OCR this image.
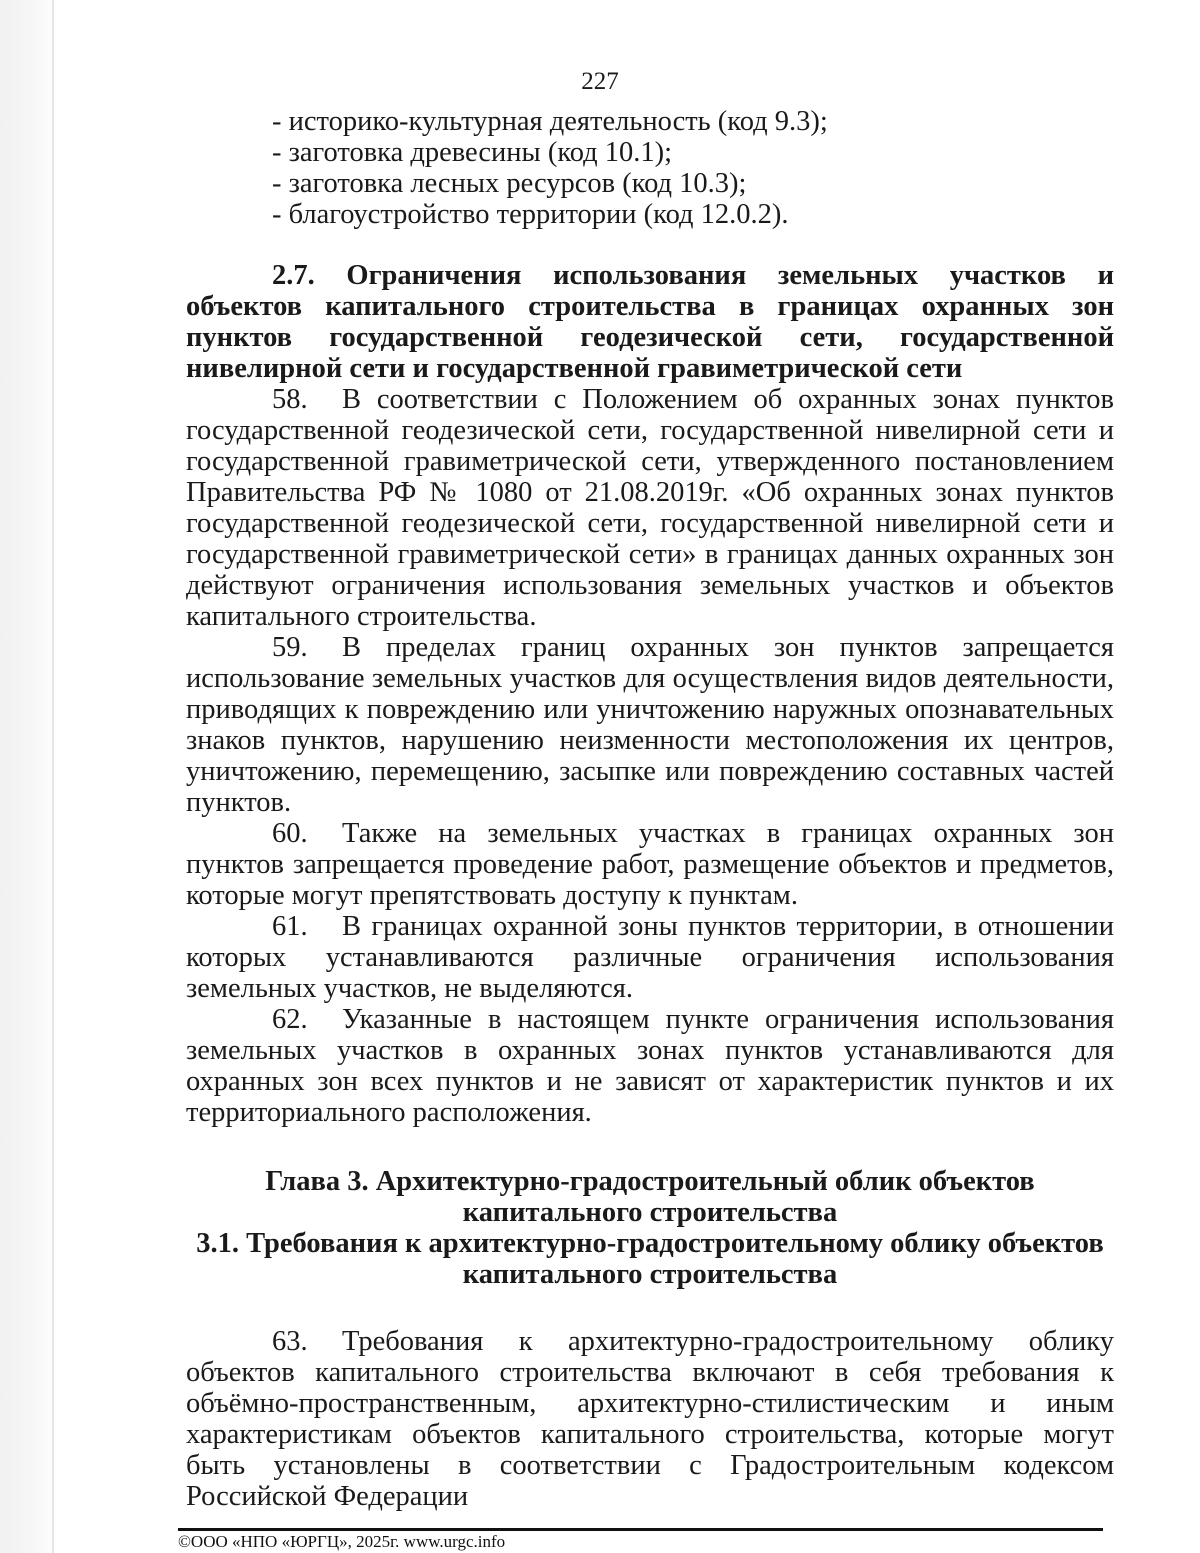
227

- историко-культурная деятельность (код 9.3);

- заготовка древесины (код 10.1);

- заготовка лесных ресурсов (код 10.3);

- благоустройство территории (код 12.0.2).

2.7. Ограничения использования земельных участков и объектов капитального строительства в границах охранных зон пунктов государственной геодезической сети, государственной нивелирной сети и государственной гравиметрической сети

58. В соответствии с Положением об охранных зонах пунктов государственной геодезической сети, государственной нивелирной сети и государственной гравиметрической сети, утвержденного постановлением Правительства РФ № 1080 от 21.08.2019г. «Об охранных зонах пунктов государственной геодезической сети, государственной нивелирной сети и государственной гравиметрической сети» в границах данных охранных зон действуют ограничения использования земельных участков и объектов капитального строительства.

59. В пределах границ охранных зон пунктов запрещается использование земельных участков для осуществления видов деятельности, приводящих к повреждению или уничтожению наружных опознавательных знаков пунктов, нарушению неизменности местоположения их центров, уничтожению, перемещению, засыпке или повреждению составных частей пунктов.

60. Также на земельных участках в границах охранных зон пунктов запрещается проведение работ, размещение объектов и предметов, которые могут препятствовать доступу к пунктам.

61. В границах охранной зоны пунктов территории, в отношении которых устанавливаются различные ограничения использования земельных участков, не выделяются.

62. Указанные в настоящем пункте ограничения использования земельных участков в охранных зонах пунктов устанавливаются для охранных зон всех пунктов и не зависят от характеристик пунктов и их территориального расположения.

Глава 3. Архитектурно-градостроительный облик объектов

капитального строительства

3.1. Требования к архитектурно-градостроительному облику объектов

капитального строительства

63. Требования к архитектурно-градостроительному облику объектов капитального строительства включают в себя требования к объёмно-пространственным, архитектурно-стилистическим и иным характеристикам объектов капитального строительства, которые могут быть установлены в соответствии с Градостроительным кодексом Российской Федерации

©ООО «НПО «ЮРГЦ», 2025г. www.urgc.info
